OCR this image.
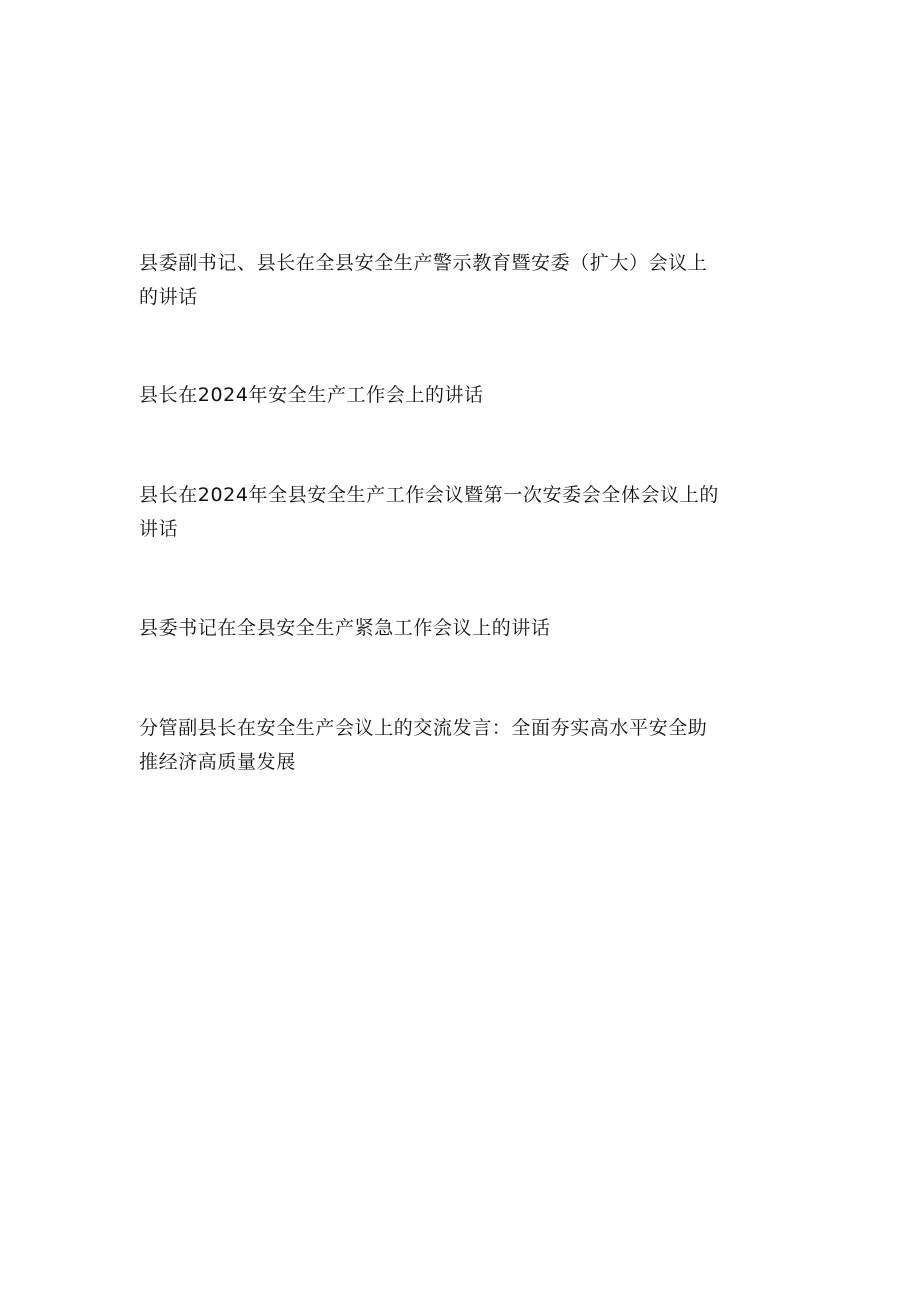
县委副书记、县长在全县安全生产警示教育暨安委（扩大）会议上
的讲话

县长在2024年安全生产工作会上的讲话

县长在2024年全县安全生产工作会议暨第一次安委会全体会议上的
讲话

县委书记在全县安全生产紧急工作会议上的讲话

分管副县长在安全生产会议上的交流发言：全面夯实高水平安全助
推经济高质量发展
